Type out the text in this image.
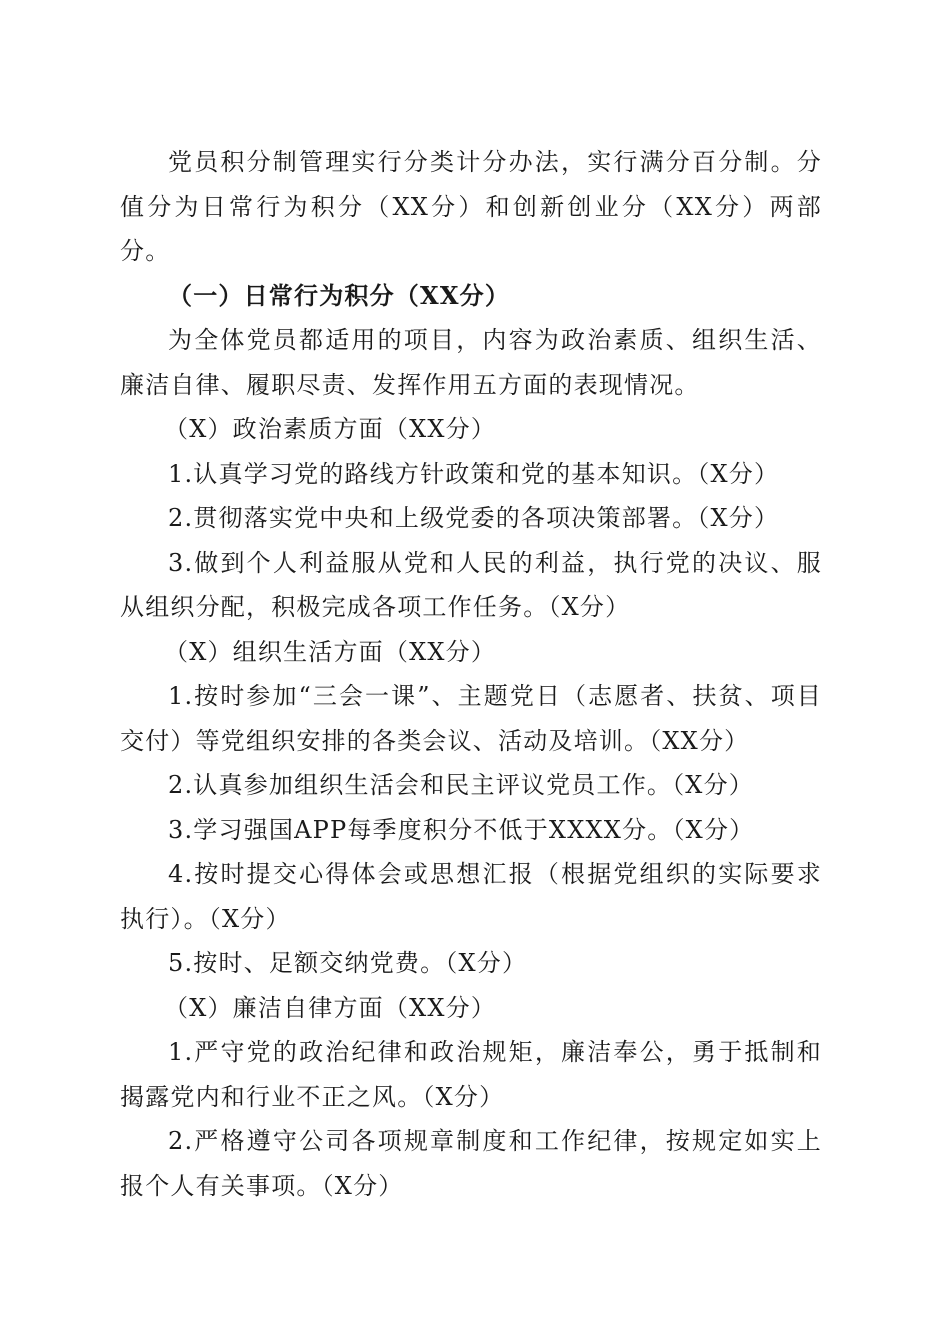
党员积分制管理实行分类计分办法，实行满分百分制。分值分为日常行为积分（XX分）和创新创业分（XX分）两部分。

（一）日常行为积分（XX分）

为全体党员都适用的项目，内容为政治素质、组织生活、廉洁自律、履职尽责、发挥作用五方面的表现情况。

（X）政治素质方面（XX分）

1.认真学习党的路线方针政策和党的基本知识。（X分）

2.贯彻落实党中央和上级党委的各项决策部署。（X分）

3.做到个人利益服从党和人民的利益，执行党的决议、服从组织分配，积极完成各项工作任务。（X分）

（X）组织生活方面（XX分）

1.按时参加“三会一课”、主题党日（志愿者、扶贫、项目交付）等党组织安排的各类会议、活动及培训。（XX分）

2.认真参加组织生活会和民主评议党员工作。（X分）

3.学习强国APP每季度积分不低于XXXX分。（X分）

4.按时提交心得体会或思想汇报（根据党组织的实际要求执行）。（X分）

5.按时、足额交纳党费。（X分）

（X）廉洁自律方面（XX分）

1.严守党的政治纪律和政治规矩，廉洁奉公，勇于抵制和揭露党内和行业不正之风。（X分）

2.严格遵守公司各项规章制度和工作纪律，按规定如实上报个人有关事项。（X分）
